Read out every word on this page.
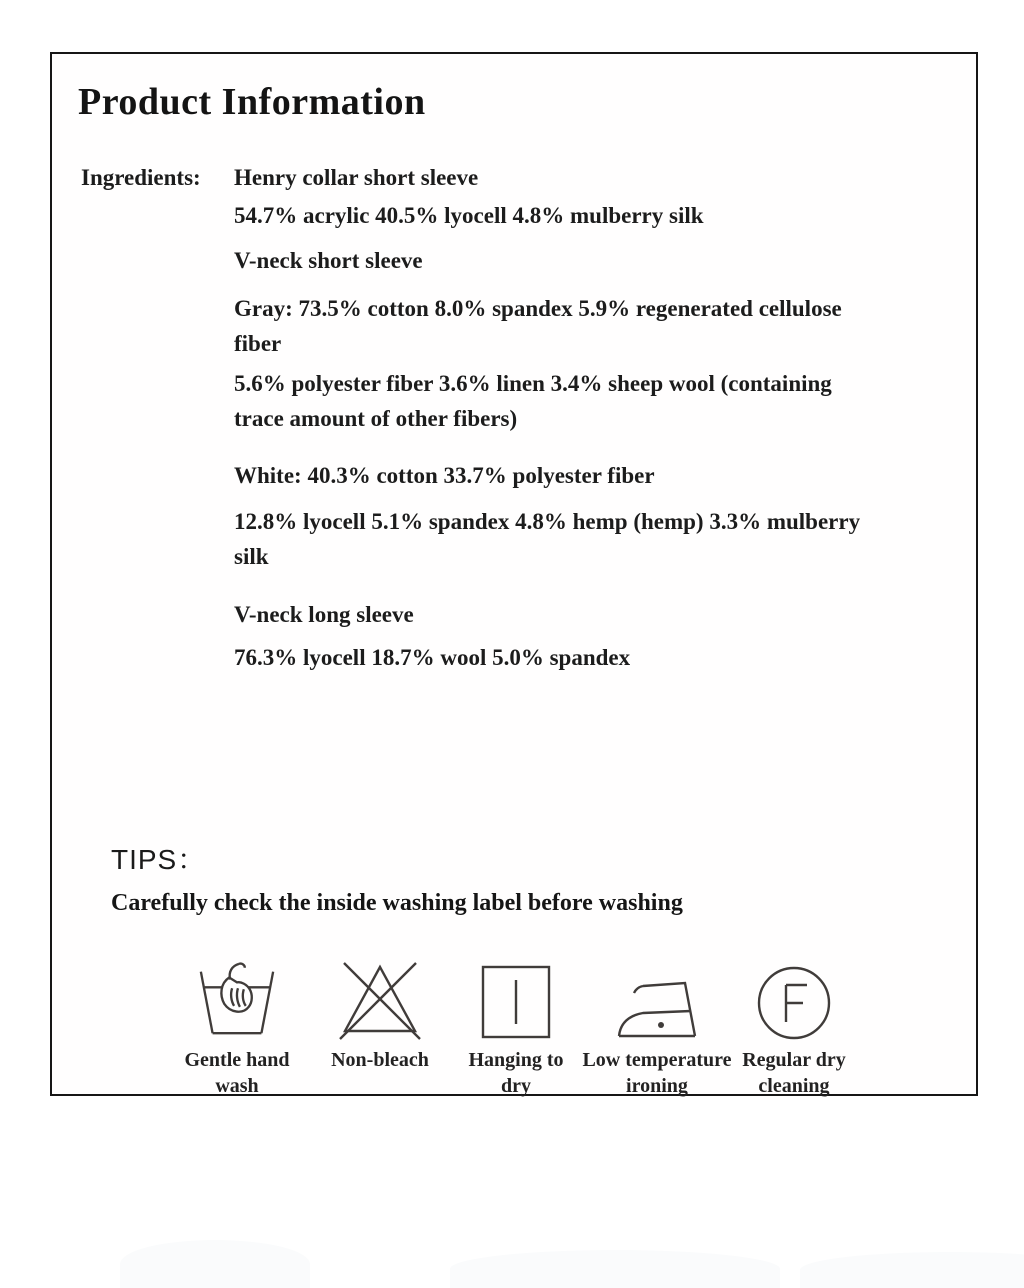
Product Information
Ingredients:	Henry collar short sleeve
54.7% acrylic 40.5% lyocell 4.8% mulberry silk
V-neck short sleeve
Gray: 73.5% cotton 8.0% spandex 5.9% regenerated cellulose
fiber
5.6% polyester fiber 3.6% linen 3.4% sheep wool (containing
trace amount of other fibers)
White: 40.3% cotton 33.7% polyester fiber
12.8% lyocell 5.1% spandex 4.8% hemp (hemp) 3.3% mulberry
silk
V-neck long sleeve
76.3% lyocell 18.7% wool 5.0% spandex
TIPS：
Carefully check the inside washing label before washing
Gentle hand
wash
Non-bleach Hanging to
dry
Low temperature
ironing
Regular dry
cleaning
